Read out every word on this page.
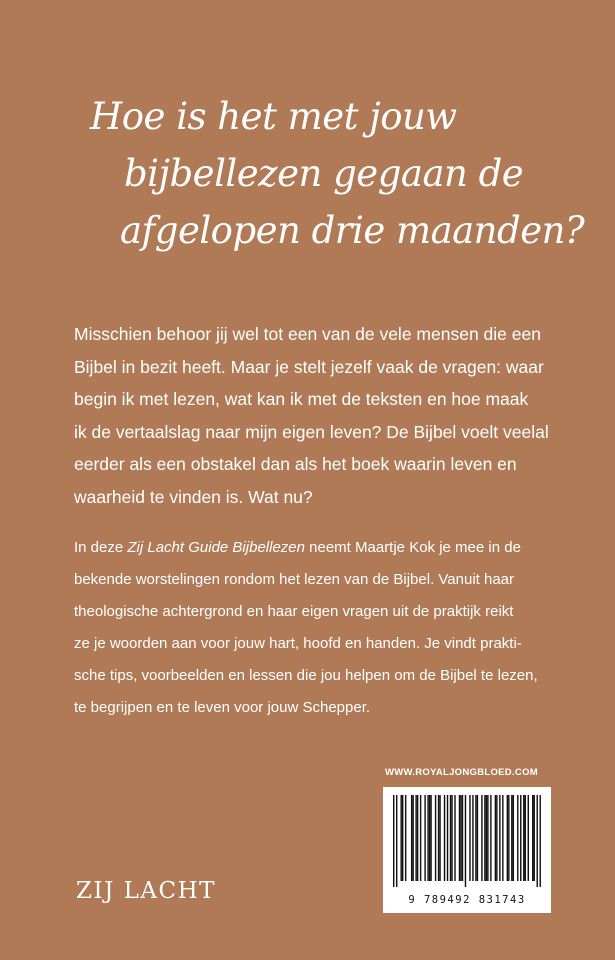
Hoe is het met jouw
bijbellezen gegaan de
afgelopen drie maanden?
Misschien behoor jij wel tot een van de vele mensen die een
Bijbel in bezit heeft. Maar je stelt jezelf vaak de vragen: waar
begin ik met lezen, wat kan ik met de teksten en hoe maak
ik de vertaalslag naar mijn eigen leven? De Bijbel voelt veelal
eerder als een obstakel dan als het boek waarin leven en
waarheid te vinden is. Wat nu?
In deze Zij Lacht Guide Bijbellezen neemt Maartje Kok je mee in de
bekende worstelingen rondom het lezen van de Bijbel. Vanuit haar
theologische achtergrond en haar eigen vragen uit de praktijk reikt
ze je woorden aan voor jouw hart, hoofd en handen. Je vindt prakti-
sche tips, voorbeelden en lessen die jou helpen om de Bijbel te lezen,
te begrijpen en te leven voor jouw Schepper.
WWW.ROYALJONGBLOED.COM
9 789492 831743
ZIJ LACHT
